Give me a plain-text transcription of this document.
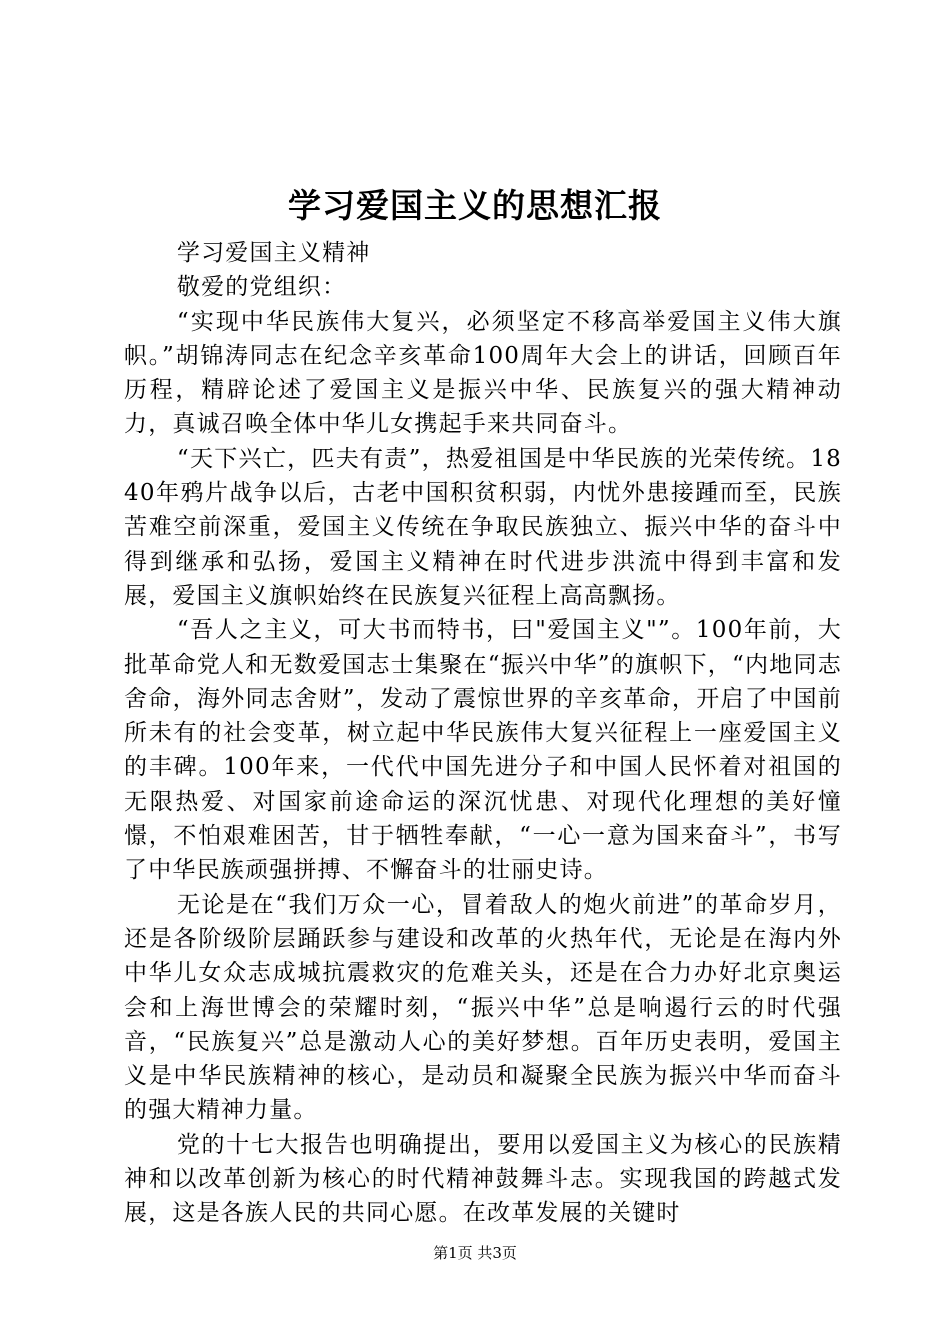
学习爱国主义的思想汇报

学习爱国主义精神

敬爱的党组织：

“实现中华民族伟大复兴，必须坚定不移高举爱国主义伟大旗帜。”胡锦涛同志在纪念辛亥革命100周年大会上的讲话，回顾百年历程，精辟论述了爱国主义是振兴中华、民族复兴的强大精神动力，真诚召唤全体中华儿女携起手来共同奋斗。

“天下兴亡，匹夫有责”，热爱祖国是中华民族的光荣传统。1840年鸦片战争以后，古老中国积贫积弱，内忧外患接踵而至，民族苦难空前深重，爱国主义传统在争取民族独立、振兴中华的奋斗中得到继承和弘扬，爱国主义精神在时代进步洪流中得到丰富和发展，爱国主义旗帜始终在民族复兴征程上高高飘扬。

“吾人之主义，可大书而特书，曰"爱国主义"”。100年前，大批革命党人和无数爱国志士集聚在“振兴中华”的旗帜下，“内地同志舍命，海外同志舍财”，发动了震惊世界的辛亥革命，开启了中国前所未有的社会变革，树立起中华民族伟大复兴征程上一座爱国主义的丰碑。100年来，一代代中国先进分子和中国人民怀着对祖国的无限热爱、对国家前途命运的深沉忧患、对现代化理想的美好憧憬，不怕艰难困苦，甘于牺牲奉献，“一心一意为国来奋斗”，书写了中华民族顽强拼搏、不懈奋斗的壮丽史诗。

无论是在“我们万众一心，冒着敌人的炮火前进”的革命岁月，还是各阶级阶层踊跃参与建设和改革的火热年代，无论是在海内外中华儿女众志成城抗震救灾的危难关头，还是在合力办好北京奥运会和上海世博会的荣耀时刻，“振兴中华”总是响遏行云的时代强音，“民族复兴”总是激动人心的美好梦想。百年历史表明，爱国主义是中华民族精神的核心，是动员和凝聚全民族为振兴中华而奋斗的强大精神力量。

党的十七大报告也明确提出，要用以爱国主义为核心的民族精神和以改革创新为核心的时代精神鼓舞斗志。实现我国的跨越式发展，这是各族人民的共同心愿。在改革发展的关键时

第1页 共3页
